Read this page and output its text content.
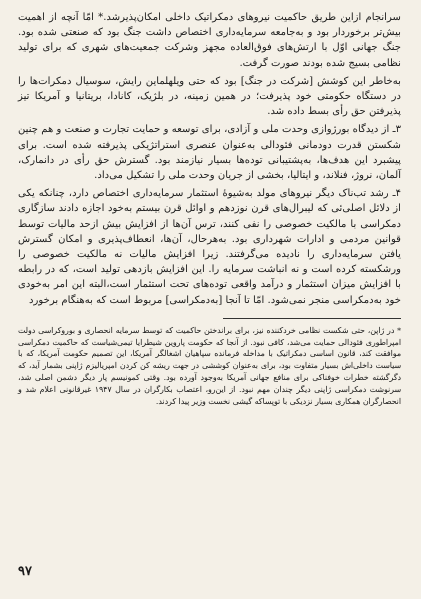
سرانجام ازاین طریق حاکمیت نیروهای دمکراتیک داخلی امکان‌پذیرشد.* امّا آنچه از اهمیت بیش‌تر برخوردار بود و به‌جامعه سرمایه‌داری اختصاص داشت جنگ بود که صنعتی شده بود. جنگ جهانی اوّل با ارتش‌های فوق‌العاده مجهز وشرکت جمعیت‌های شهری که برای تولید نظامی بسیج شده بودند صورت گرفت.

به‌خاطر این کوشش [شرکت در جنگ] بود که حتی ویلهلماین رایش، سوسیال دمکرات‌ها را در دستگاه حکومتی خود پذیرفت؛ در همین زمینه، در بلژیک، کانادا، بریتانیا و آمریکا تیز پذیرفتن حق رأی بسط داده شد.

۳ـ از دیدگاه بورژوازی وحدت ملی و آزادی، برای توسعه و حمایت تجارت و صنعت و هم چنین شکستن قدرت دودمانی فئودالی به‌عنوان عنصری استراتژیکی پذیرفته شده است. برای پیشبرد این هدف‌ها، به‌پشتیبانی توده‌ها بسیار نیازمند بود. گسترش حق رأی در دانمارک، آلمان، نروژ، فنلاند، و ایتالیا، بخشی از جریان وحدت ملی را تشکیل می‌داد.

۴ـ رشد تب‌ناک دیگر نیروهای مولد به‌شیوهٔ استثمار سرمایه‌داری اختصاص دارد، چنانکه یکی از دلائل اصلی‌ئی که لیبرال‌های قرن نوزدهم و اوائل قرن بیستم به‌خود اجازه دادند سازگاری دمکراسی با مالکیت خصوصی را نفی کنند، ترس آن‌ها از افزایش بیش ازحد مالیات توسط قوانین مردمی و ادارات شهرداری بود. به‌هرحال، آن‌ها، انعطاف‌پذیری و امکان گسترش یافتن سرمایه‌داری را نادیده می‌گرفتند. زیرا افزایش مالیات نه مالکیت خصوصی را ورشکسته کرده است و نه انباشت سرمایه را. این افزایش بازدهی تولید است، که در رابطه با افزایش میزان استثمار و درآمد واقعی توده‌های تحت استثمار است،البته این امر به‌خودی خود به‌دمکراسی منجر نمی‌شود. امّا تا آنجا [به‌دمکراسی] مربوط است که به‌هنگام برخورد

* در ژاپن، حتی شکست نظامی خردکننده نیز، برای براندختن حاکمیت که توسط سرمایه انحصاری و بوروکراسی دولت امپراطوری فئودالی حمایت می‌شد، کافی نبود. از آنجا که حکومت پاروین شیطرایا تیمی‌شیاست که حاکمیت دمکراسی موافقت کند، قانون اساسی دمکراتیک با مداخله فرمانده سپاهیان اشغالگر آمریکا، این تصمیم حکومت آمریکا، که با سیاست داخلی‌اش بسیار متفاوت بود، برای به‌عنوان کوششی در جهت ریشه کن کردن امپریالیزم ژاپنی بشمار آید، که دگرگشته خطرات خوفناکی برای منافع جهانی آمریکا به‌وجود آورده بود. وقتی کمونیسم پار دیگر دشمن اصلی شد، سرنوشت دمکراسی ژاپنی دیگر چندان مهم نبود. از این‌رو، اعتصاب بکارگران در سال ۱۹۴۷ غیرقانونی اعلام شد و انحصارگران همکاری بسیار نزدیکی با توپساکه گیشی نخست وزیر پیدا کردند.
۹۷
